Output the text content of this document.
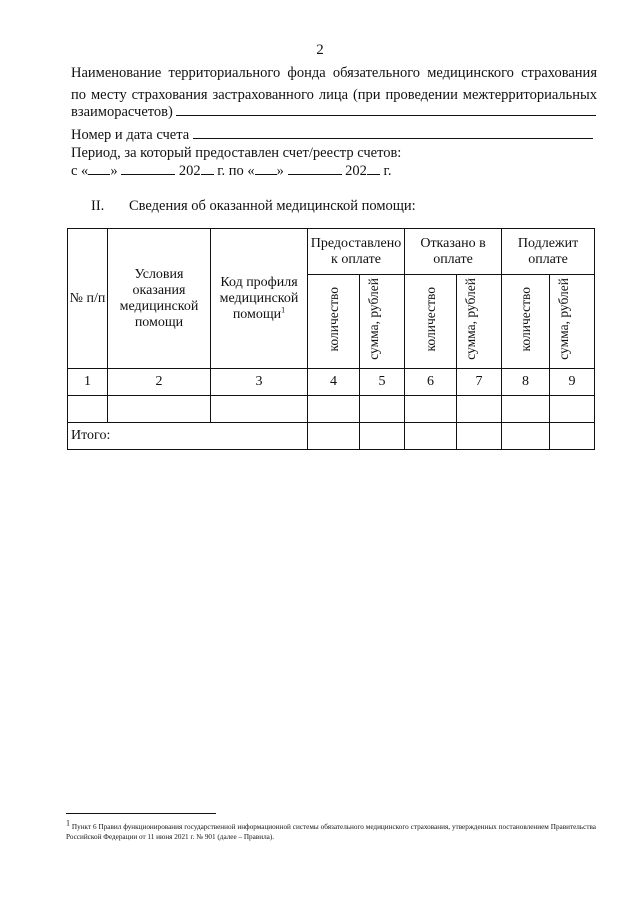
2
Наименование территориального фонда обязательного медицинского страхования
по месту страхования застрахованного лица (при проведении межтерриториальных
взаиморасчетов)
Номер и дата счета
Период, за который предоставлен счет/реестр счетов:
с « »	202 г. по « »	202 г.
II. Сведения об оказанной медицинской помощи:
№ п/п	Условия оказания медицинской помощи	Код профиля медицинской помощи$^1$	Предоставлено к оплате		Отказано в оплате		Подлежит оплате	
			количество	сумма, рублей	количество	сумма, рублей	количество	сумма, рублей
1	2	3	4	5	6	7	8	9

Итого:								
$^1$ Пункт 6 Правил функционирования государственной информационной системы обязательного медицинского страхования, утвержденных постановлением Правительства Российской Федерации от 11 июня 2021 г. № 901 (далее – Правила).
